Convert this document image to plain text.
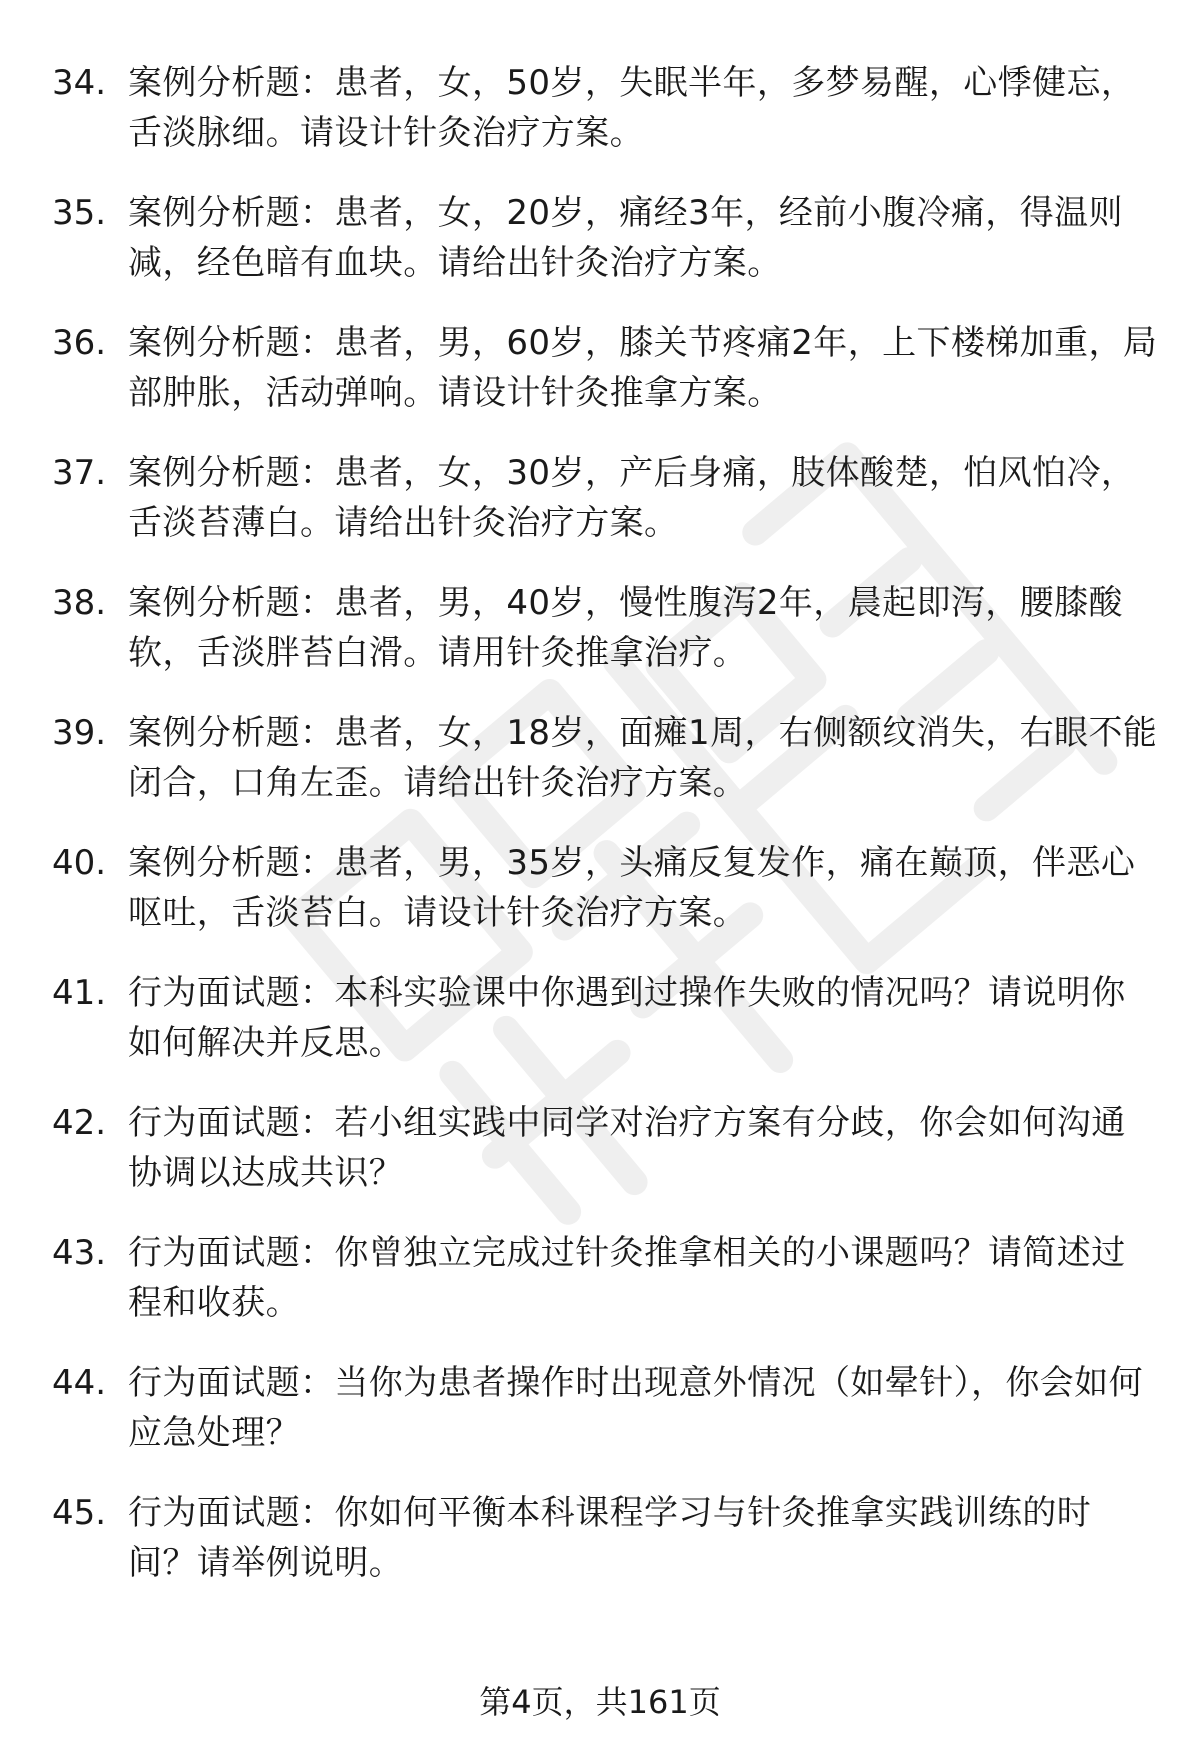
34. 案例分析题：患者，女，50岁，失眠半年，多梦易醒，心悸健忘，舌淡脉细。请设计针灸治疗方案。
35. 案例分析题：患者，女，20岁，痛经3年，经前小腹冷痛，得温则减，经色暗有血块。请给出针灸治疗方案。
36. 案例分析题：患者，男，60岁，膝关节疼痛2年，上下楼梯加重，局部肿胀，活动弹响。请设计针灸推拿方案。
37. 案例分析题：患者，女，30岁，产后身痛，肢体酸楚，怕风怕冷，舌淡苔薄白。请给出针灸治疗方案。
38. 案例分析题：患者，男，40岁，慢性腹泻2年，晨起即泻，腰膝酸软，舌淡胖苔白滑。请用针灸推拿治疗。
39. 案例分析题：患者，女，18岁，面瘫1周，右侧额纹消失，右眼不能闭合，口角左歪。请给出针灸治疗方案。
40. 案例分析题：患者，男，35岁，头痛反复发作，痛在巅顶，伴恶心呕吐，舌淡苔白。请设计针灸治疗方案。
41. 行为面试题：本科实验课中你遇到过操作失败的情况吗？请说明你如何解决并反思。
42. 行为面试题：若小组实践中同学对治疗方案有分歧，你会如何沟通协调以达成共识？
43. 行为面试题：你曾独立完成过针灸推拿相关的小课题吗？请简述过程和收获。
44. 行为面试题：当你为患者操作时出现意外情况（如晕针），你会如何应急处理？
45. 行为面试题：你如何平衡本科课程学习与针灸推拿实践训练的时间？请举例说明。
第4页，共161页
